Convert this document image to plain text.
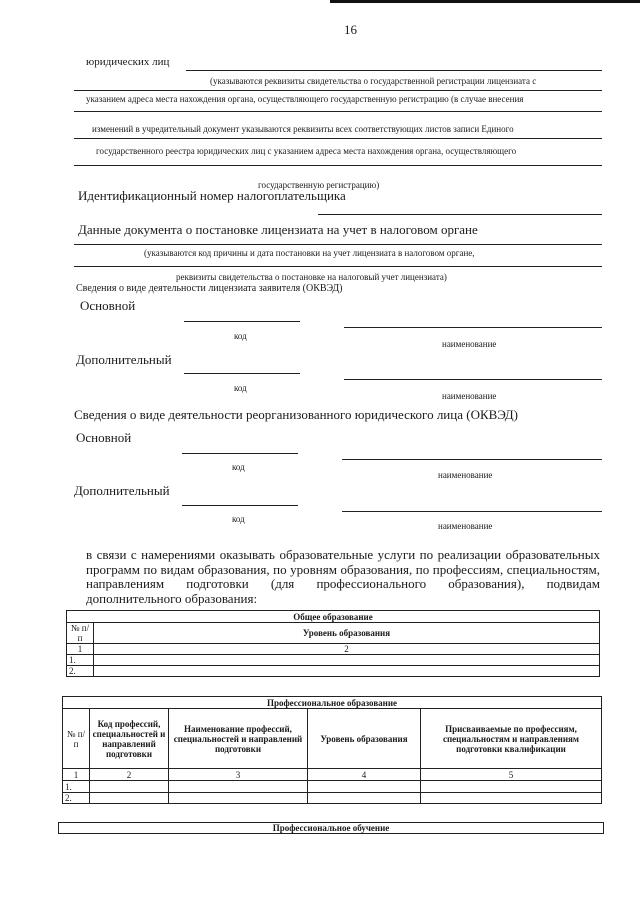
16
юридических лиц
(указываются реквизиты свидетельства о государственной регистрации лицензиата с
указанием адреса места нахождения органа, осуществляющего государственную регистрацию (в случае внесения
изменений в учредительный документ указываются реквизиты всех соответствующих листов записи Единого
государственного реестра юридических лиц с указанием адреса места нахождения органа, осуществляющего
государственную регистрацию)
Идентификационный номер налогоплательщика
Данные документа о постановке лицензиата на учет в налоговом органе
(указываются код причины и дата постановки на учет лицензиата в налоговом органе,
реквизиты свидетельства о постановке на налоговый учет лицензиата)
Сведения о виде деятельности лицензиата заявителя (ОКВЭД)
Основной
код
наименование
Дополнительный
код
наименование
Сведения о виде деятельности реорганизованного юридического лица (ОКВЭД)
Основной
код
наименование
Дополнительный
код
наименование
в связи с намерениями оказывать образовательные услуги по реализации образовательных программ по видам образования, по уровням образования, по профессиям, специальностям, направлениям подготовки (для профессионального образования), подвидам дополнительного образования:
Общее образование	
№ п/п	Уровень образования
1	2
1.	
2.	
Профессиональное образование				
№ п/п	Код профессий, специальностей и направлений подготовки	Наименование профессий, специальностей и направлений подготовки	Уровень образования	Присваиваемые по профессиям, специальностям и направлениям подготовки квалификации
1	2	3	4	5
1.				
2.				
Профессиональное обучение
